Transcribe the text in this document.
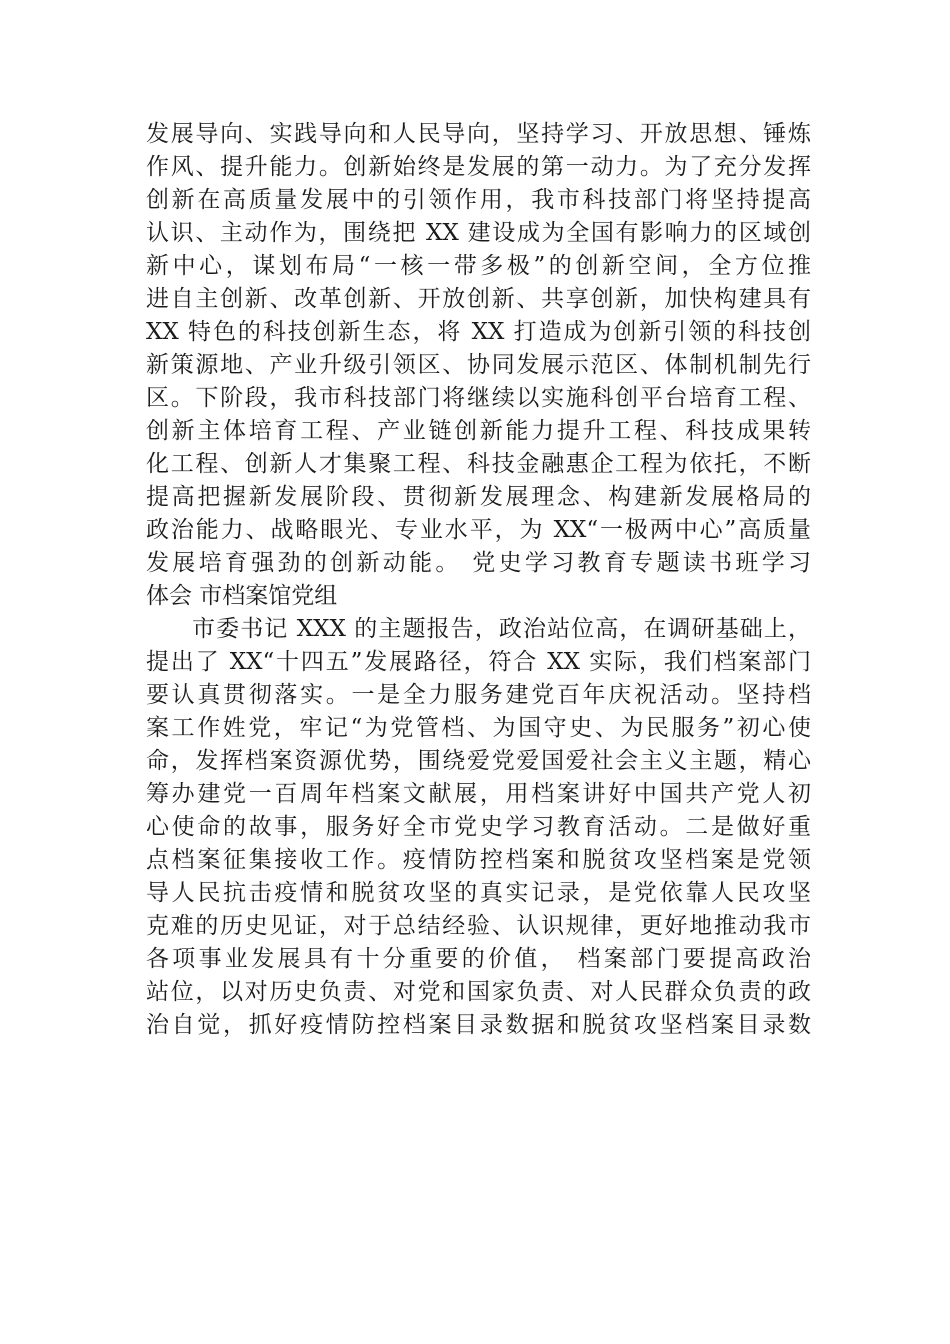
发展导向、实践导向和人民导向，坚持学习、开放思想、锤炼
作风、提升能力。创新始终是发展的第一动力。为了充分发挥
创新在高质量发展中的引领作用，我市科技部门将坚持提高
认识、主动作为，围绕把 XX 建设成为全国有影响力的区域创
新中心，谋划布局“一核一带多极”的创新空间，全方位推
进自主创新、改革创新、开放创新、共享创新，加快构建具有
XX 特色的科技创新生态，将 XX 打造成为创新引领的科技创
新策源地、产业升级引领区、协同发展示范区、体制机制先行
区。下阶段，我市科技部门将继续以实施科创平台培育工程、
创新主体培育工程、产业链创新能力提升工程、科技成果转
化工程、创新人才集聚工程、科技金融惠企工程为依托，不断
提高把握新发展阶段、贯彻新发展理念、构建新发展格局的
政治能力、战略眼光、专业水平，为 XX“一极两中心”高质量
发展培育强劲的创新动能。 党史学习教育专题读书班学习
体会 市档案馆党组
市委书记 XXX 的主题报告，政治站位高，在调研基础上，
提出了 XX“十四五”发展路径，符合 XX 实际，我们档案部门
要认真贯彻落实。一是全力服务建党百年庆祝活动。坚持档
案工作姓党，牢记“为党管档、为国守史、为民服务”初心使
命，发挥档案资源优势，围绕爱党爱国爱社会主义主题，精心
筹办建党一百周年档案文献展，用档案讲好中国共产党人初
心使命的故事，服务好全市党史学习教育活动。二是做好重
点档案征集接收工作。疫情防控档案和脱贫攻坚档案是党领
导人民抗击疫情和脱贫攻坚的真实记录，是党依靠人民攻坚
克难的历史见证，对于总结经验、认识规律，更好地推动我市
各项事业发展具有十分重要的价值， 档案部门要提高政治
站位，以对历史负责、对党和国家负责、对人民群众负责的政
治自觉，抓好疫情防控档案目录数据和脱贫攻坚档案目录数
